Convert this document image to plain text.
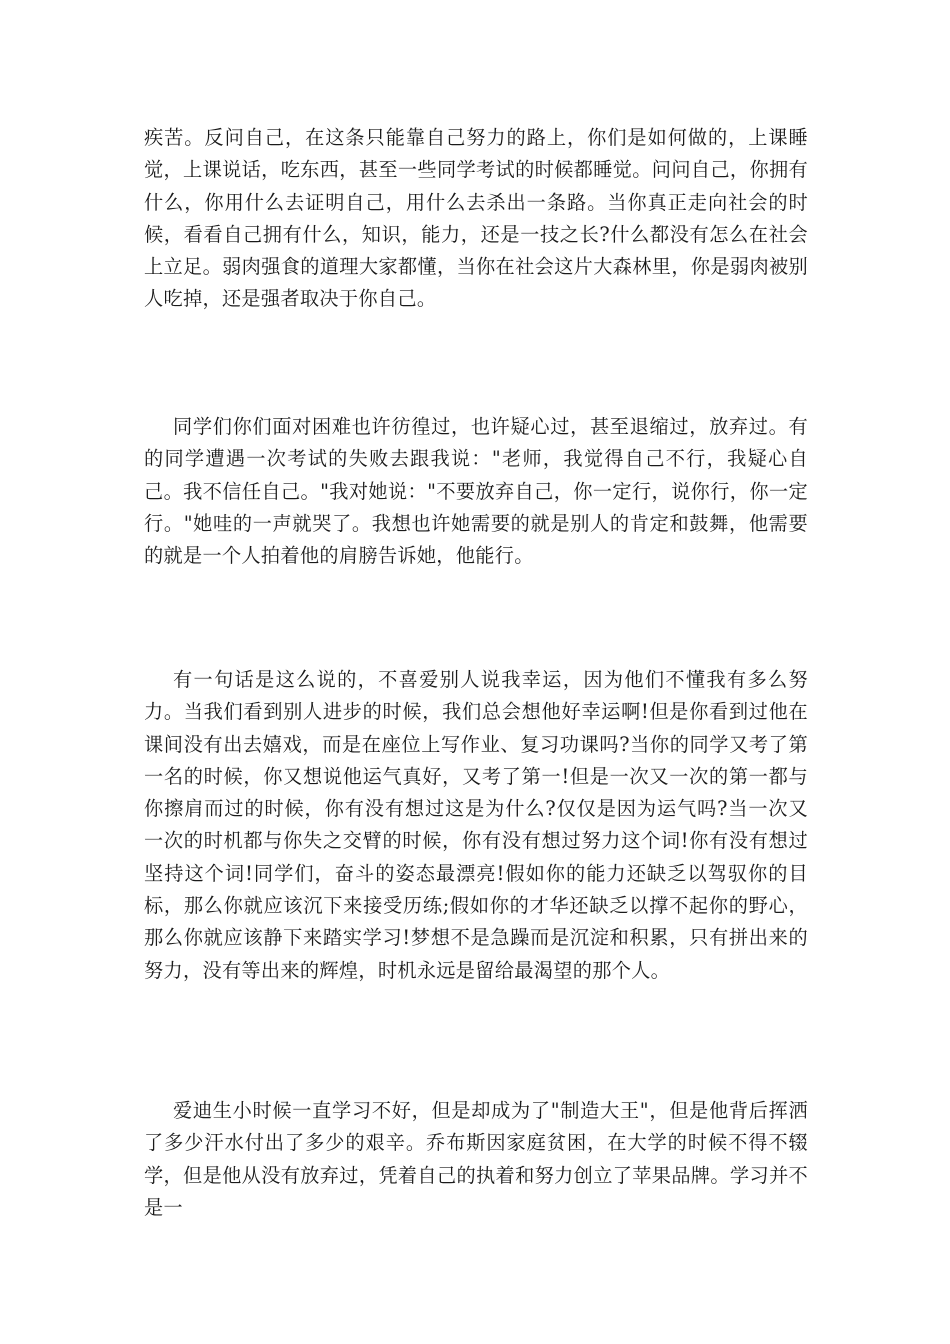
疾苦。反问自己，在这条只能靠自己努力的路上，你们是如何做的，上课睡觉，上课说话，吃东西，甚至一些同学考试的时候都睡觉。问问自己，你拥有什么，你用什么去证明自己，用什么去杀出一条路。当你真正走向社会的时候，看看自己拥有什么，知识，能力，还是一技之长?什么都没有怎么在社会上立足。弱肉强食的道理大家都懂，当你在社会这片大森林里，你是弱肉被别人吃掉，还是强者取决于你自己。

同学们你们面对困难也许彷徨过，也许疑心过，甚至退缩过，放弃过。有的同学遭遇一次考试的失败去跟我说："老师，我觉得自己不行，我疑心自己。我不信任自己。"我对她说："不要放弃自己，你一定行，说你行，你一定行。"她哇的一声就哭了。我想也许她需要的就是别人的肯定和鼓舞，他需要的就是一个人拍着他的肩膀告诉她，他能行。

有一句话是这么说的，不喜爱别人说我幸运，因为他们不懂我有多么努力。当我们看到别人进步的时候，我们总会想他好幸运啊!但是你看到过他在课间没有出去嬉戏，而是在座位上写作业、复习功课吗?当你的同学又考了第一名的时候，你又想说他运气真好，又考了第一!但是一次又一次的第一都与你擦肩而过的时候，你有没有想过这是为什么?仅仅是因为运气吗?当一次又一次的时机都与你失之交臂的时候，你有没有想过努力这个词!你有没有想过坚持这个词!同学们，奋斗的姿态最漂亮!假如你的能力还缺乏以驾驭你的目标，那么你就应该沉下来接受历练;假如你的才华还缺乏以撑不起你的野心，那么你就应该静下来踏实学习!梦想不是急躁而是沉淀和积累，只有拼出来的努力，没有等出来的辉煌，时机永远是留给最渴望的那个人。

爱迪生小时候一直学习不好，但是却成为了"制造大王"，但是他背后挥洒了多少汗水付出了多少的艰辛。乔布斯因家庭贫困，在大学的时候不得不辍学，但是他从没有放弃过，凭着自己的执着和努力创立了苹果品牌。学习并不是一
